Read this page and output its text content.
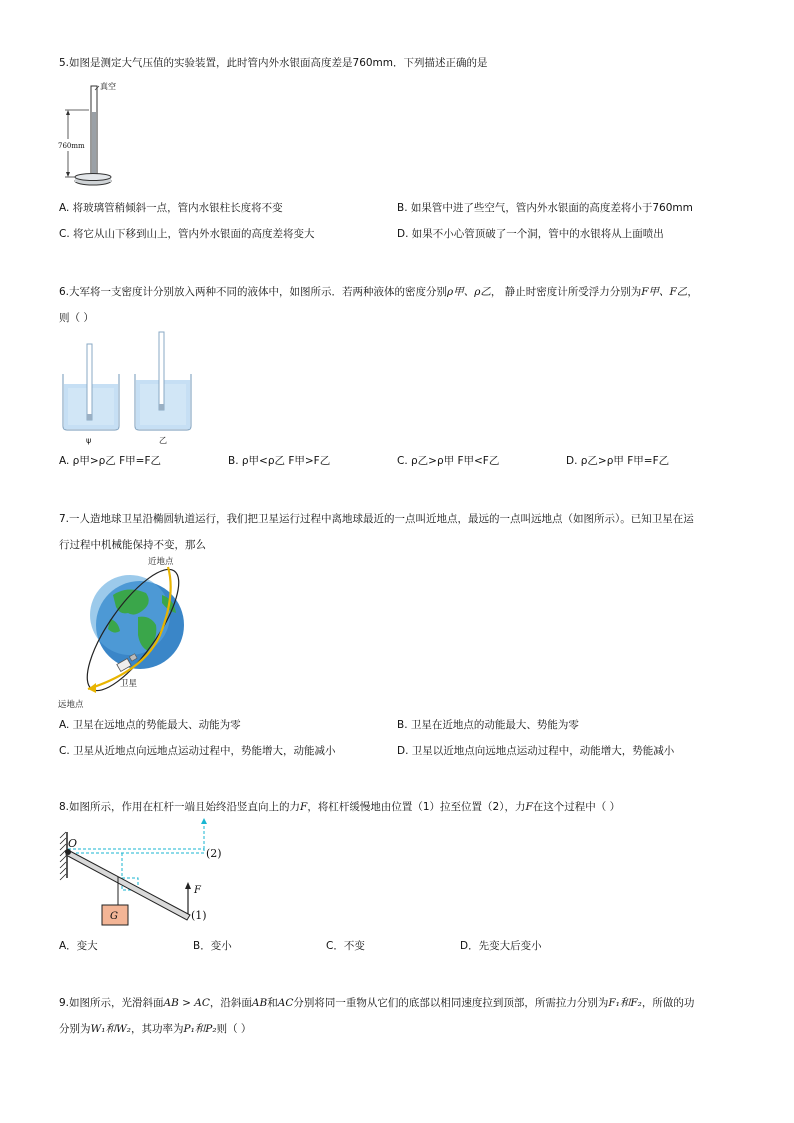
5.如图是测定大气压值的实验装置，此时管内外水银面高度差是760mm．下列描述正确的是
760mm
真空
A. 将玻璃管稍倾斜一点，管内水银柱长度将不变	B. 如果管中进了些空气，管内外水银面的高度差将小于760mm
C. 将它从山下移到山上，管内外水银面的高度差将变大	D. 如果不小心管顶破了一个洞，管中的水银将从上面喷出
6.大军将一支密度计分别放入两种不同的液体中，如图所示．若两种液体的密度分别ρ甲、ρ乙， 静止时密度计所受浮力分别为F甲、F乙，
则（ ）
ψ	乙
A. ρ甲>ρ乙 F甲=F乙	B. ρ甲<ρ乙 F甲>F乙	C. ρ乙>ρ甲 F甲<F乙	D. ρ乙>ρ甲 F甲=F乙
7.一人造地球卫星沿椭圆轨道运行，我们把卫星运行过程中离地球最近的一点叫近地点，最远的一点叫远地点（如图所示）。已知卫星在运
行过程中机械能保持不变，那么
近地点
卫星
远地点
A. 卫星在远地点的势能最大、动能为零	B. 卫星在近地点的动能最大、势能为零
C. 卫星从近地点向远地点运动过程中，势能增大，动能减小	D. 卫星以近地点向远地点运动过程中，动能增大，势能减小
8.如图所示，作用在杠杆一端且始终沿竖直向上的力F，将杠杆缓慢地由位置（1）拉至位置（2），力F在这个过程中（ ）
G
F
O
(2)
(1)
A．变大	B．变小	C．不变	D．先变大后变小
9.如图所示，光滑斜面AB > AC，沿斜面AB和AC分别将同一重物从它们的底部以相同速度拉到顶部，所需拉力分别为F₁和F₂，所做的功
分别为W₁和W₂，其功率为P₁和P₂则（ ）
